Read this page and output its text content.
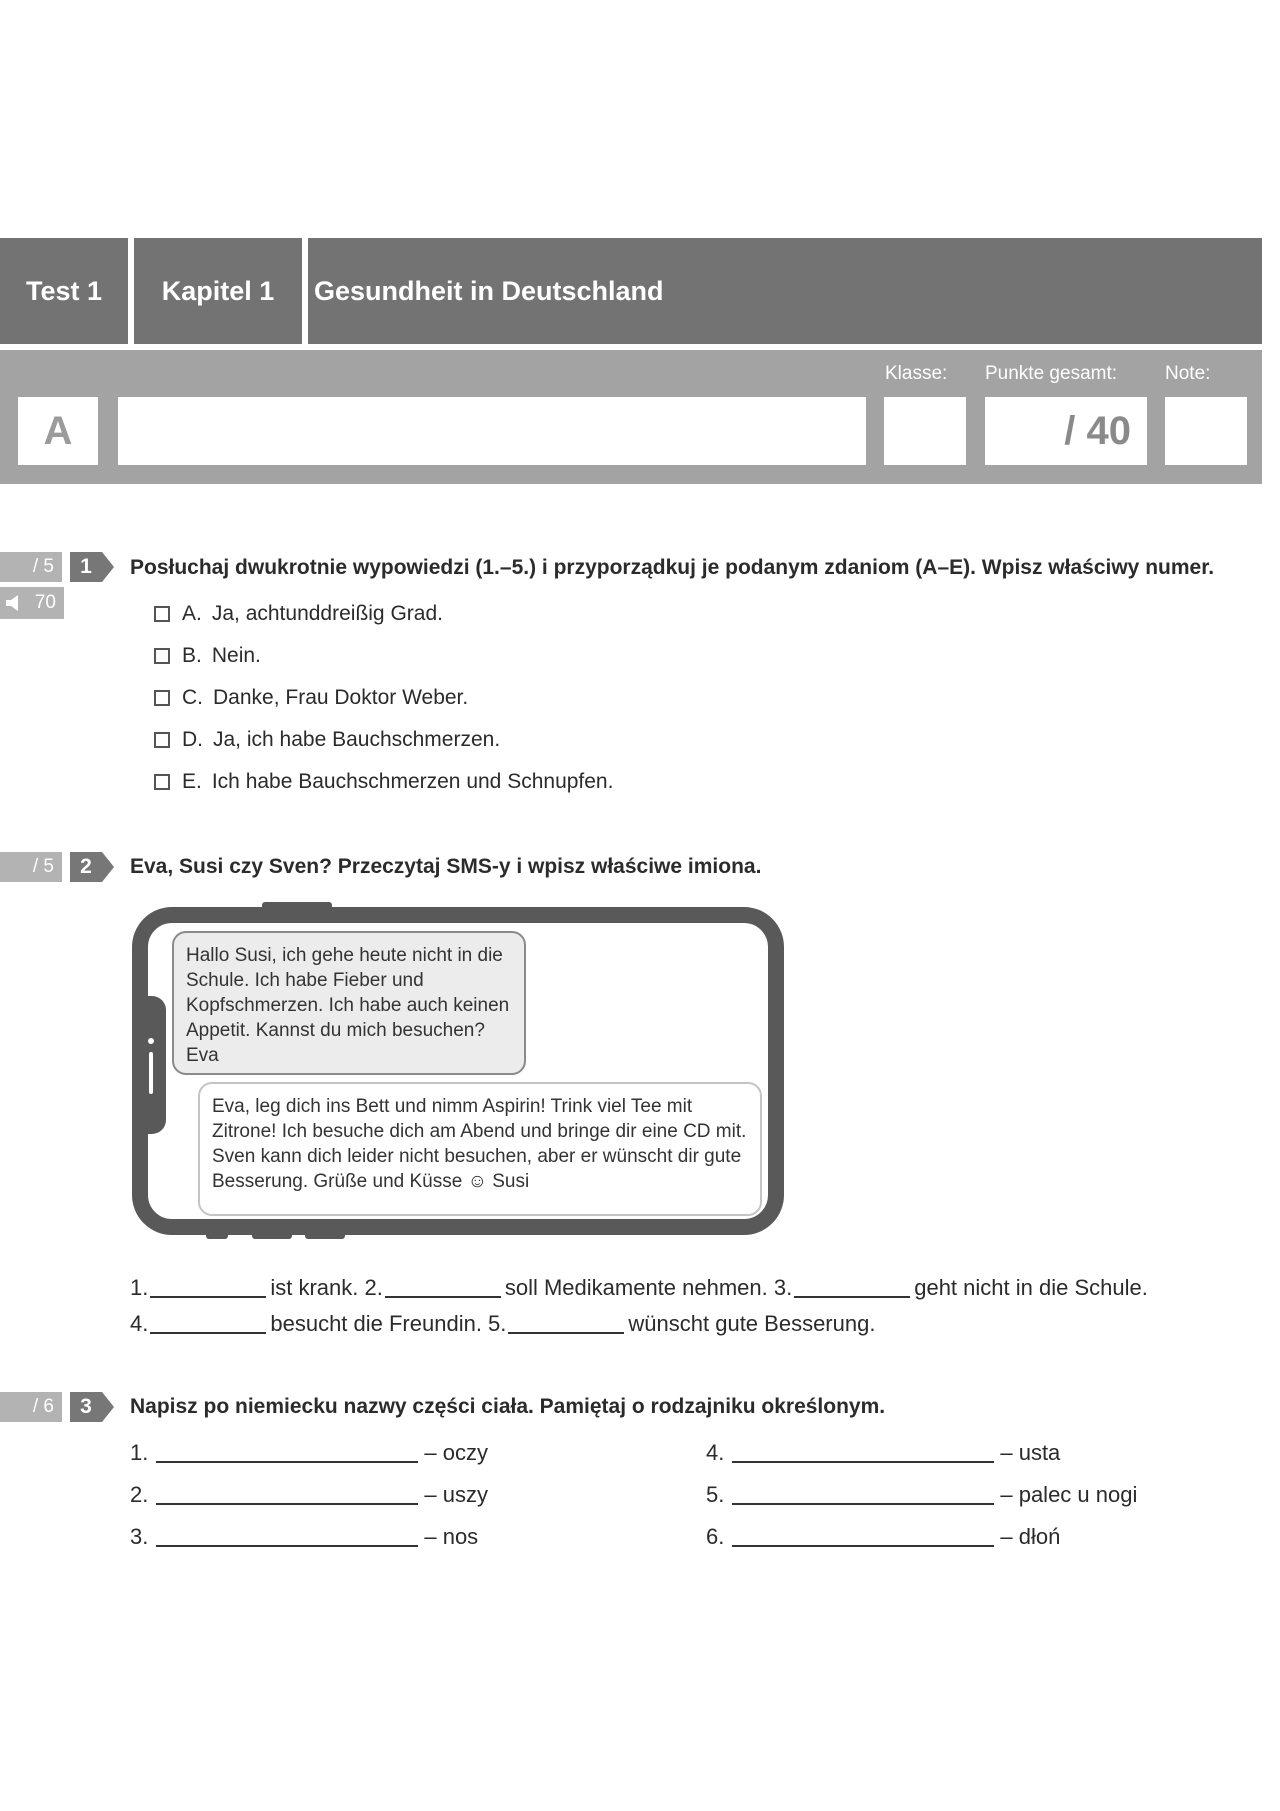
Test 1 Kapitel 1 Gesundheit in Deutschland
Klasse: Punkte gesamt:	Note:
A	/ 40
/ 5	1	Posłuchaj dwukrotnie wypowiedzi (1.–5.) i przyporządkuj je podanym zdaniom (A–E). Wpisz właściwy numer.
70	A. Ja, achtunddreißig Grad.
B. Nein.
C. Danke, Frau Doktor Weber.
D. Ja, ich habe Bauchschmerzen.
E. Ich habe Bauchschmerzen und Schnupfen.
/ 5	2	Eva, Susi czy Sven? Przeczytaj SMS-y i wpisz właściwe imiona.
Hallo Susi, ich gehe heute nicht in die Schule. Ich habe Fieber und Kopfschmerzen. Ich habe auch keinen Appetit. Kannst du mich besuchen? Eva
Eva, leg dich ins Bett und nimm Aspirin! Trink viel Tee mit Zitrone! Ich besuche dich am Abend und bringe dir eine CD mit. Sven kann dich leider nicht besuchen, aber er wünscht dir gute Besserung. Grüße und Küsse ☺ Susi
1.	ist krank. 2.	soll Medikamente nehmen. 3.	geht nicht in die Schule.
4.	besucht die Freundin. 5.	wünscht gute Besserung.
/ 6	3	Napisz po niemiecku nazwy części ciała. Pamiętaj o rodzajniku określonym.
1.	– oczy
2.	– uszy
3.	– nos
4.	– usta
5.	– palec u nogi
6.	– dłoń
